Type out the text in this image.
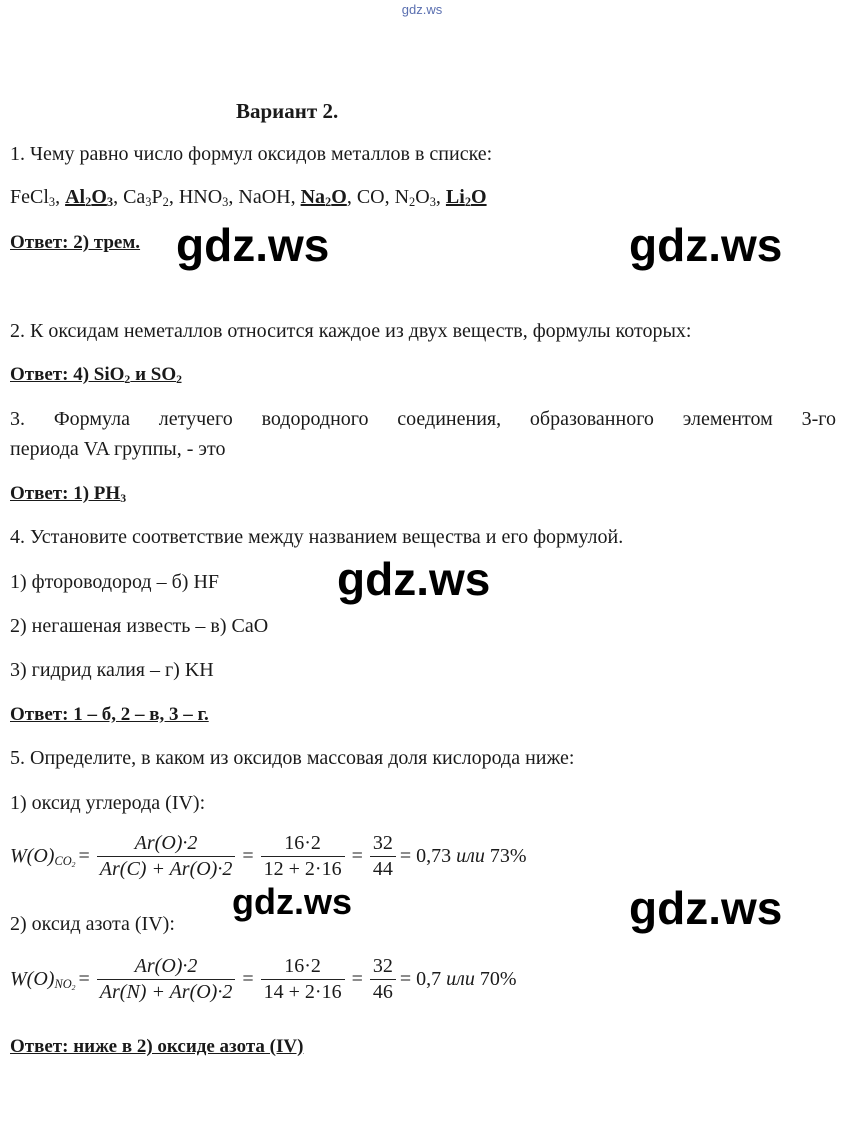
gdz.ws
Вариант 2.
1. Чему равно число формул оксидов металлов в списке:
FeCl$_3$, $Al_2O_3$, $Ca_3P_2$, $HNO_3$, NaOH, $Na_2O$, CO, $N_2O_3$, $Li_2O$
Ответ: 2) трем.
2. К оксидам неметаллов относится каждое из двух веществ, формулы которых:
Ответ: 4) SiO$_2$ и $SO_2$
3. Формула летучего водородного соединения, образованного элементом 3-го
периода VA группы, - это
Ответ: 1) $PH_3$
4. Установите соответствие между названием вещества и его формулой.
1) фтороводород – б) HF
2) негашеная известь – в) CaO
3) гидрид калия – г) KH
Ответ: 1 – б, 2 – в, 3 – г.
5. Определите, в каком из оксидов массовая доля кислорода ниже:
1) оксид углерода (IV):
$W(O)_{CO_2} = \frac{Ar(O)\cdot 2}{Ar(C) + Ar(O)\cdot 2} = \frac{16\cdot 2}{12 + 2\cdot 16} = \frac{32}{44} = 0,73$
или
73%
2) оксид азота (IV):
$W(O)_{NO_2} = \frac{Ar(O)\cdot 2}{Ar(N) + Ar(O)\cdot 2} = \frac{16\cdot 2}{14 + 2\cdot 16} = \frac{32}{46} = 0,7$
или
70%
Ответ: ниже в 2) оксиде азота (IV)
gdz.ws	gdz.ws
gdz.ws
gdz.ws	gdz.ws
